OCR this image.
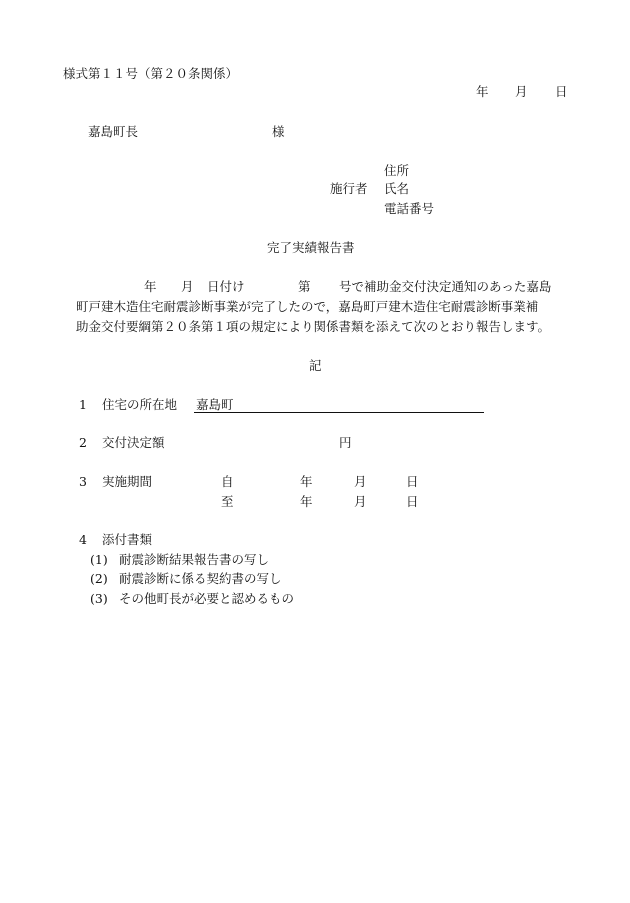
様式第１１号（第２０条関係）
年 月 日
嘉島町長	様
住所
施行者 氏名
電話番号
完了実績報告書
年 月 日付け	第 号で補助金交付決定通知のあった嘉島
町戸建木造住宅耐震診断事業が完了したので，嘉島町戸建木造住宅耐震診断事業補
助金交付要綱第２０条第１項の規定により関係書類を添えて次のとおり報告します。
記
1 住宅の所在地 嘉島町
2 交付決定額	円
3 実施期間	自	年	月	日
至	年	月	日
4 添付書類
(1) 耐震診断結果報告書の写し
(2) 耐震診断に係る契約書の写し
(3) その他町長が必要と認めるもの
